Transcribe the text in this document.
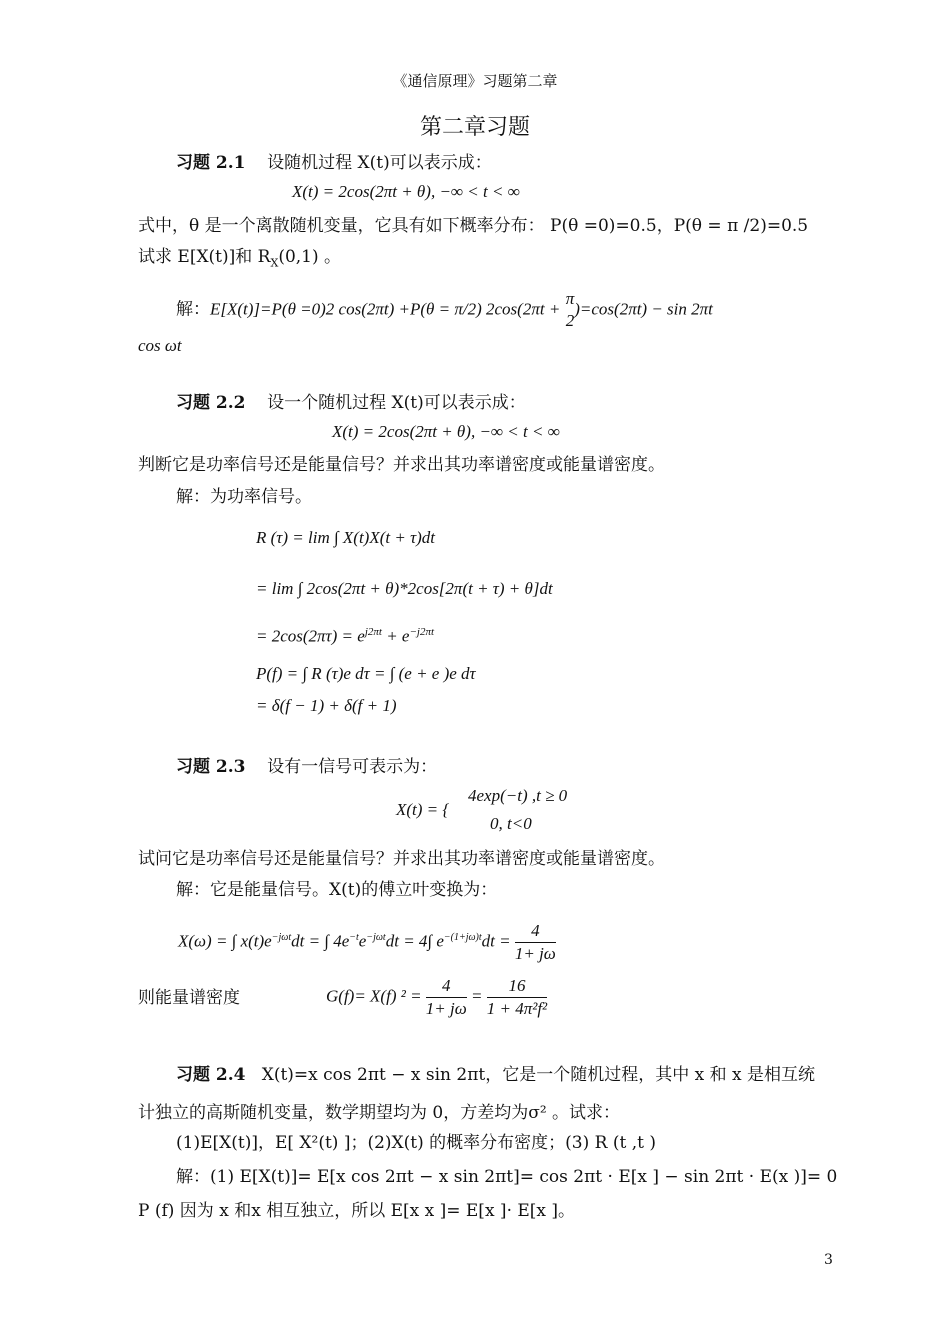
《通信原理》习题第二章
第二章习题
习题 2.1 设随机过程 X(t)可以表示成：
X(t) = 2cos(2πt + θ), −∞ < t < ∞
式中，θ 是一个离散随机变量，它具有如下概率分布： P(θ =0)=0.5，P(θ = π /2)=0.5
试求 E[X(t)]和 $R_X(0,1)$ 。
解：E[X(t)]=P(θ =0)2 cos(2πt) +P(θ = π/2) 2cos(2πt +
π
2
)=cos(2πt) − sin 2πt
cos ωt
习题 2.2 设一个随机过程 X(t)可以表示成：
X(t) = 2cos(2πt + θ), −∞ < t < ∞
判断它是功率信号还是能量信号？并求出其功率谱密度或能量谱密度。
解：为功率信号。
R (τ) = lim ∫ X(t)X(t + τ)dt
= lim ∫ 2cos(2πt + θ)*2cos[2π(t + τ) + θ]dt
= $2\cos(2\pi\tau) = e^{j2\pi t} + e^{-j2\pi t}$
P(f) = ∫ R (τ)e dτ = ∫ (e + e )e dτ
= δ(f − 1) + δ(f + 1)
习题 2.3 设有一信号可表示为：
4exp(−t) ,t ≥ 0
X(t) = {
0, t<0
试问它是功率信号还是能量信号？并求出其功率谱密度或能量谱密度。
解：它是能量信号。X(t)的傅立叶变换为：
X(ω) = ∫ $x(t)e^{-j\omega t}dt$ = ∫ $4e^{-t}e^{-j\omega t}dt = 4\int$ $e^{-(1+j\omega)t}dt = \frac{4}{1+ j\omega}$
则能量谱密度	G(f)= X(f) $^2 = \frac{4}{1+ j\omega} = \frac{16}{\text{1 + 4π²f²}}$
习题 2.4 X(t)=x cos 2πt − x sin 2πt，它是一个随机过程，其中 x 和 x 是相互统
计独立的高斯随机变量，数学期望均为 0，方差均为σ² 。试求：
(1)E[X(t)]，E[ X²(t) ]；(2)X(t) 的概率分布密度；(3) R (t ,t )
解：(1) E[X(t)]= E[x cos 2πt − x sin 2πt]= cos 2πt · E[x ] − sin 2πt · E(x )]= 0
P (f) 因为 x 和x 相互独立，所以 E[x x ]= E[x ]· E[x ]。
3
